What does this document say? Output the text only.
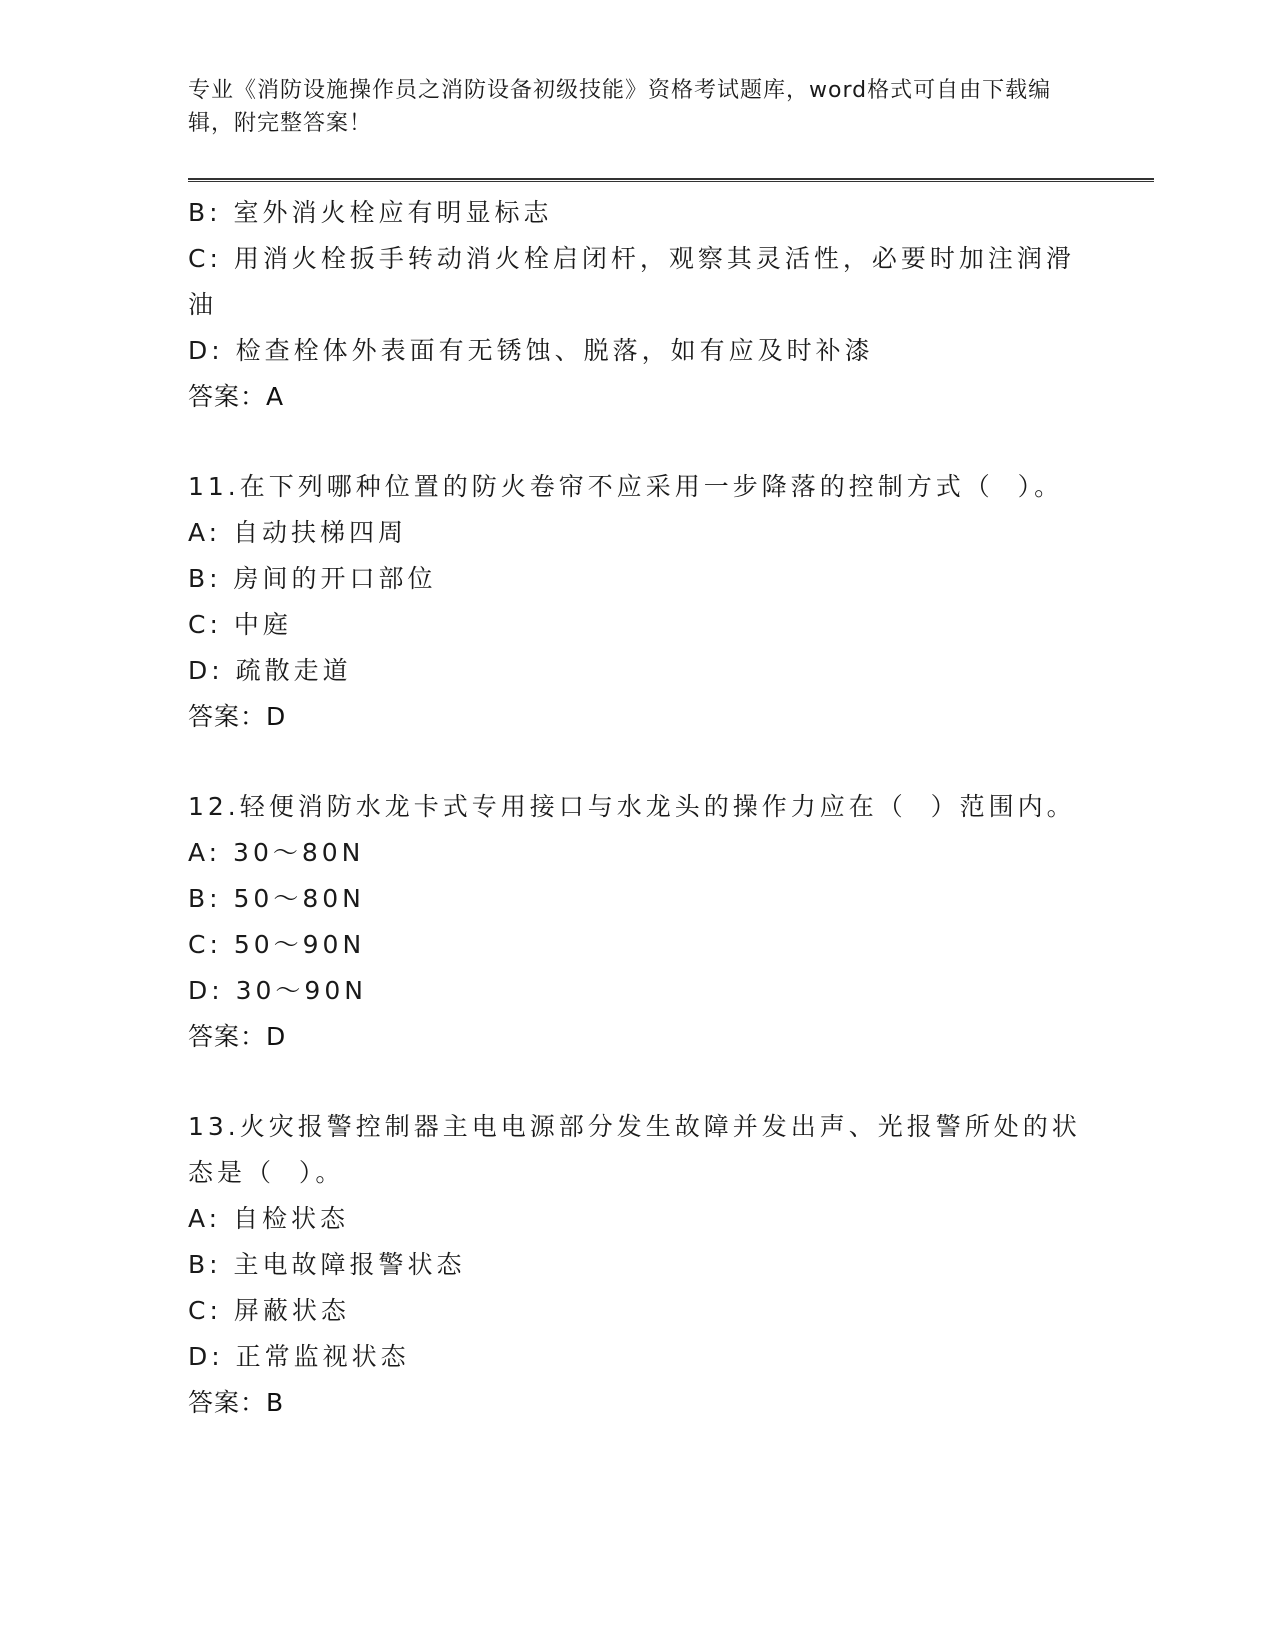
专业《消防设施操作员之消防设备初级技能》资格考试题库，word格式可自由下载编辑，附完整答案！
B: 室外消火栓应有明显标志
C: 用消火栓扳手转动消火栓启闭杆，观察其灵活性，必要时加注润滑
油
D: 检查栓体外表面有无锈蚀、脱落，如有应及时补漆
答案：A
11.在下列哪种位置的防火卷帘不应采用一步降落的控制方式（  ）。
A: 自动扶梯四周
B: 房间的开口部位
C: 中庭
D: 疏散走道
答案：D
12.轻便消防水龙卡式专用接口与水龙头的操作力应在（  ）范围内。
A: 30～80N
B: 50～80N
C: 50～90N
D: 30～90N
答案：D
13.火灾报警控制器主电电源部分发生故障并发出声、光报警所处的状
态是（  ）。
A: 自检状态
B: 主电故障报警状态
C: 屏蔽状态
D: 正常监视状态
答案：B
